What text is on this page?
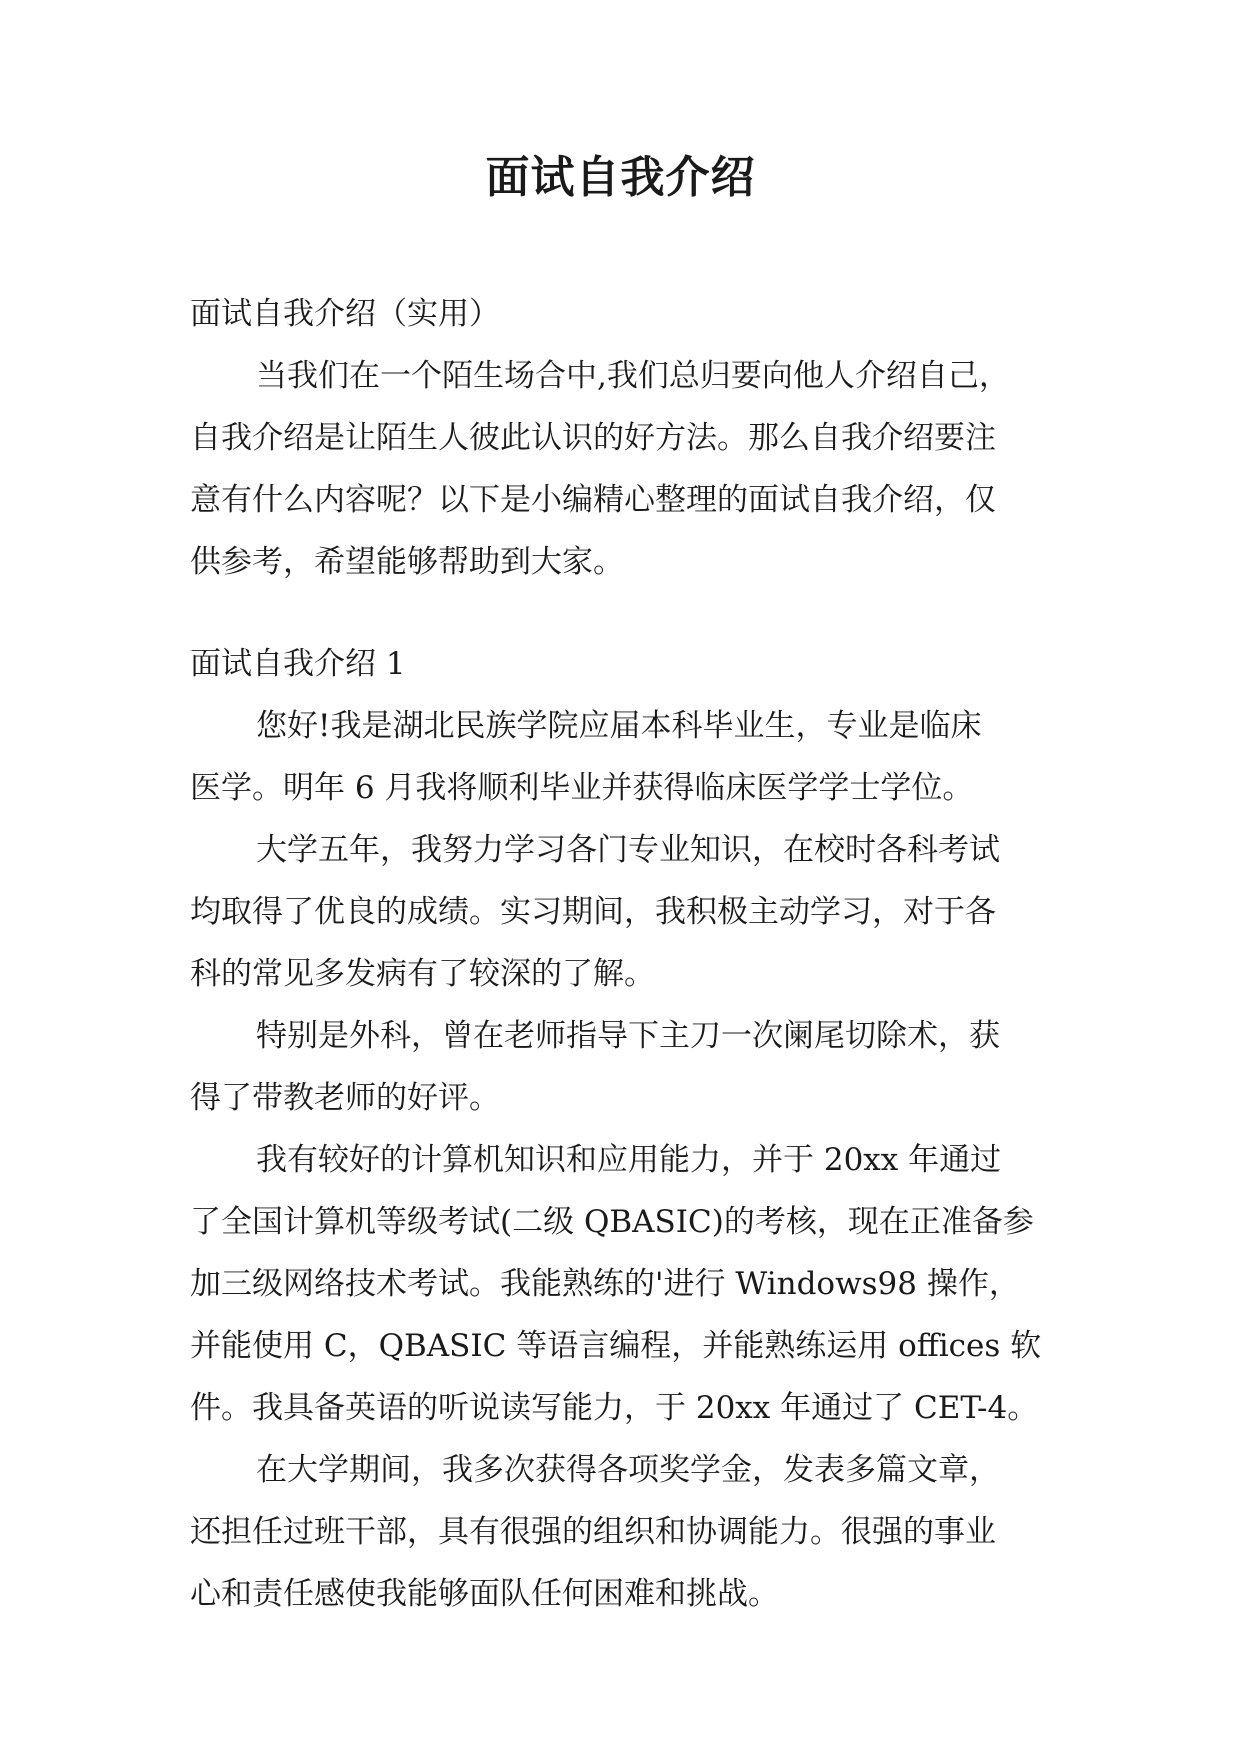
面试自我介绍
面试自我介绍（实用）
当我们在一个陌生场合中,我们总归要向他人介绍自己，
自我介绍是让陌生人彼此认识的好方法。那么自我介绍要注
意有什么内容呢？以下是小编精心整理的面试自我介绍，仅
供参考，希望能够帮助到大家。
面试自我介绍 1
您好!我是湖北民族学院应届本科毕业生，专业是临床
医学。明年 6 月我将顺利毕业并获得临床医学学士学位。
大学五年，我努力学习各门专业知识，在校时各科考试
均取得了优良的成绩。实习期间，我积极主动学习，对于各
科的常见多发病有了较深的了解。
特别是外科，曾在老师指导下主刀一次阑尾切除术，获
得了带教老师的好评。
我有较好的计算机知识和应用能力，并于 20xx 年通过
了全国计算机等级考试(二级 QBASIC)的考核，现在正准备参
加三级网络技术考试。我能熟练的'进行 Windows98 操作，
并能使用 C，QBASIC 等语言编程，并能熟练运用 offices 软
件。我具备英语的听说读写能力，于 20xx 年通过了 CET-4。
在大学期间，我多次获得各项奖学金，发表多篇文章，
还担任过班干部，具有很强的组织和协调能力。很强的事业
心和责任感使我能够面队任何困难和挑战。
